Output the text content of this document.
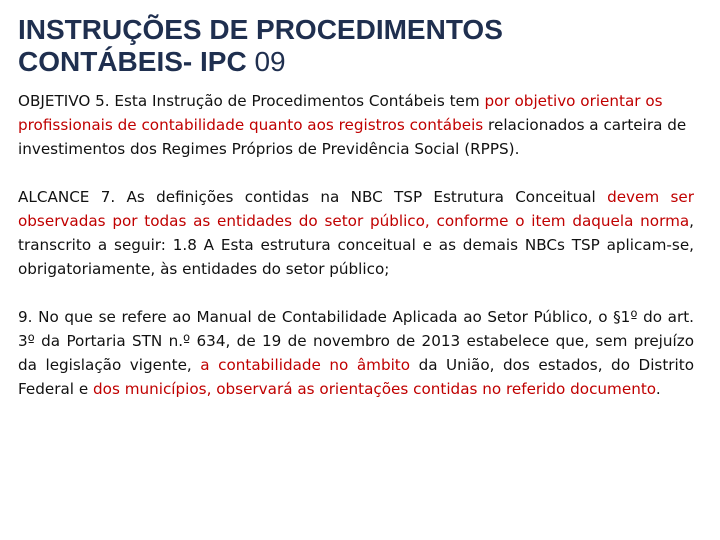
INSTRUÇÕES DE PROCEDIMENTOS
CONTÁBEIS- IPC 09

OBJETIVO 5. Esta Instrução de Procedimentos Contábeis tem por objetivo orientar os profissionais de contabilidade quanto aos registros contábeis relacionados a carteira de investimentos dos Regimes Próprios de Previdência Social (RPPS).

ALCANCE 7. As definições contidas na NBC TSP Estrutura Conceitual devem ser observadas por todas as entidades do setor público, conforme o item daquela norma, transcrito a seguir: 1.8 A Esta estrutura conceitual e as demais NBCs TSP aplicam-se, obrigatoriamente, às entidades do setor público;

9. No que se refere ao Manual de Contabilidade Aplicada ao Setor Público, o §1º do art. 3º da Portaria STN n.º 634, de 19 de novembro de 2013 estabelece que, sem prejuízo da legislação vigente, a contabilidade no âmbito da União, dos estados, do Distrito Federal e dos municípios, observará as orientações contidas no referido documento.
